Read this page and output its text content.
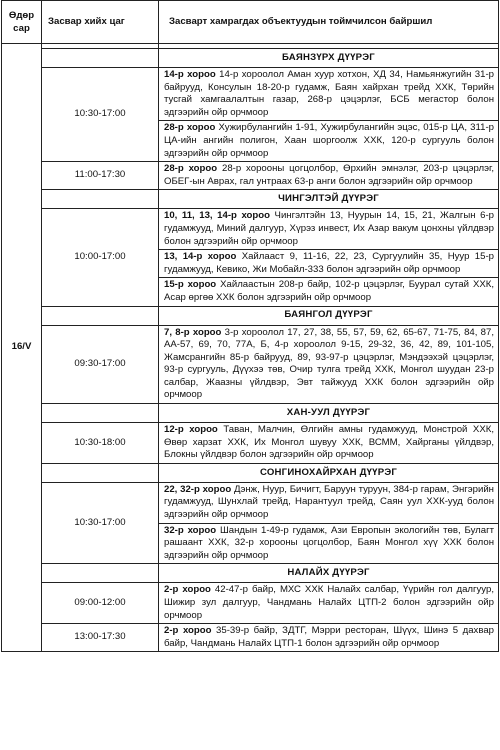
Өдөр сар	Засвар хийх цаг	Засварт хамрагдах объектуудын тоймчилсон байршил
16/V		
		БАЯНЗҮРХ ДҮҮРЭГ
	10:30-17:00	14-р хороо 14-р хороолол Аман хуур хотхон, ХД 34, Намьянжугийн 31-р байрууд, Консулын 18-20-р гудамж, Баян хайрхан трейд ХХК, Төрийн тусгай хамгаалалтын газар, 268-р цэцэрлэг, БСБ мегастор болон эдгээрийн ойр орчмоор
		28-р хороо Хужирбулангийн 1-91, Хужирбулангийн эцэс, 015-р ЦА, 311-р ЦА-ийн ангийн полигон, Хаан шоргоолж ХХК, 120-р сургууль болон эдгээрийн ойр орчмоор
	11:00-17:30	28-р хороо 28-р хорооны цогцолбор, Өрхийн эмнэлэг, 203-р цэцэрлэг, ОБЕГ-ын Аврах, гал унтраах 63-р анги болон эдгээрийн ойр орчмоор
		ЧИНГЭЛТЭЙ ДҮҮРЭГ
	10:00-17:00	10, 11, 13, 14-р хороо Чингэлтэйн 13, Нуурын 14, 15, 21, Жалгын 6-р гудамжууд, Миний далгуур, Хүрэз инвест, Их Азар вакум цонхны үйлдвэр болон эдгээрийн ойр орчмоор
		13, 14-р хороо Хайлааст 9, 11-16, 22, 23, Сургуулийн 35, Нуур 15-р гудамжууд, Кевико, Жи Мобайл-333 болон эдгээрийн ойр орчмоор
		15-р хороо Хайлаастын 208-р байр, 102-р цэцэрлэг, Буурал сутай ХХК, Асар өргөө ХХК болон эдгээрийн ойр орчмоор
		БАЯНГОЛ ДҮҮРЭГ
	09:30-17:00	7, 8-р хороо 3-р хороолол 17, 27, 38, 55, 57, 59, 62, 65-67, 71-75, 84, 87, АА-57, 69, 70, 77А, Б, 4-р хороолол 9-15, 29-32, 36, 42, 89, 101-105, Жамсрангийн 85-р байрууд, 89, 93-97-р цэцэрлэг, Мэндээхэй цэцэрлэг, 93-р сургууль, Дүүхээ төв, Очир тулга трейд ХХК, Монгол шуудан 23-р салбар, Жаазны үйлдвэр, Эвт тайжууд ХХК болон эдгээрийн ойр орчмоор
		ХАН-УУЛ ДҮҮРЭГ
	10:30-18:00	12-р хороо Таван, Малчин, Өлгийн амны гудамжууд, Монстрой ХХК, Өвөр харзат ХХК, Их Монгол шувуу ХХК, ВСММ, Хайрганы үйлдвэр, Блокны үйлдвэр болон эдгээрийн ойр орчмоор
		СОНГИНОХАЙРХАН ДҮҮРЭГ
	10:30-17:00	22, 32-р хороо Дэнж, Нуур, Бичигт, Баруун туруун, 384-р гарам, Энгэрийн гудамжууд, Шунхлай трейд, Нарантуул трейд, Саян уул ХХК-ууд болон эдгээрийн ойр орчмоор
		32-р хороо Шандын 1-49-р гудамж, Ази Европын экологийн төв, Булагт рашаант ХХК, 32-р хорооны цогцолбор, Баян Монгол хүү ХХК болон эдгээрийн ойр орчмоор
		НАЛАЙХ ДҮҮРЭГ
	09:00-12:00	2-р хороо 42-47-р байр, МХС ХХК Налайх салбар, Үүрийн гол далгуур, Шижир зул далгуур, Чандмань Налайх ЦТП-2 болон эдгээрийн ойр орчмоор
	13:00-17:30	2-р хороо 35-39-р байр, ЗДТГ, Мэрри ресторан, Шүүх, Шинэ 5 дахвар байр, Чандмань Налайх ЦТП-1 болон эдгээрийн ойр орчмоор
